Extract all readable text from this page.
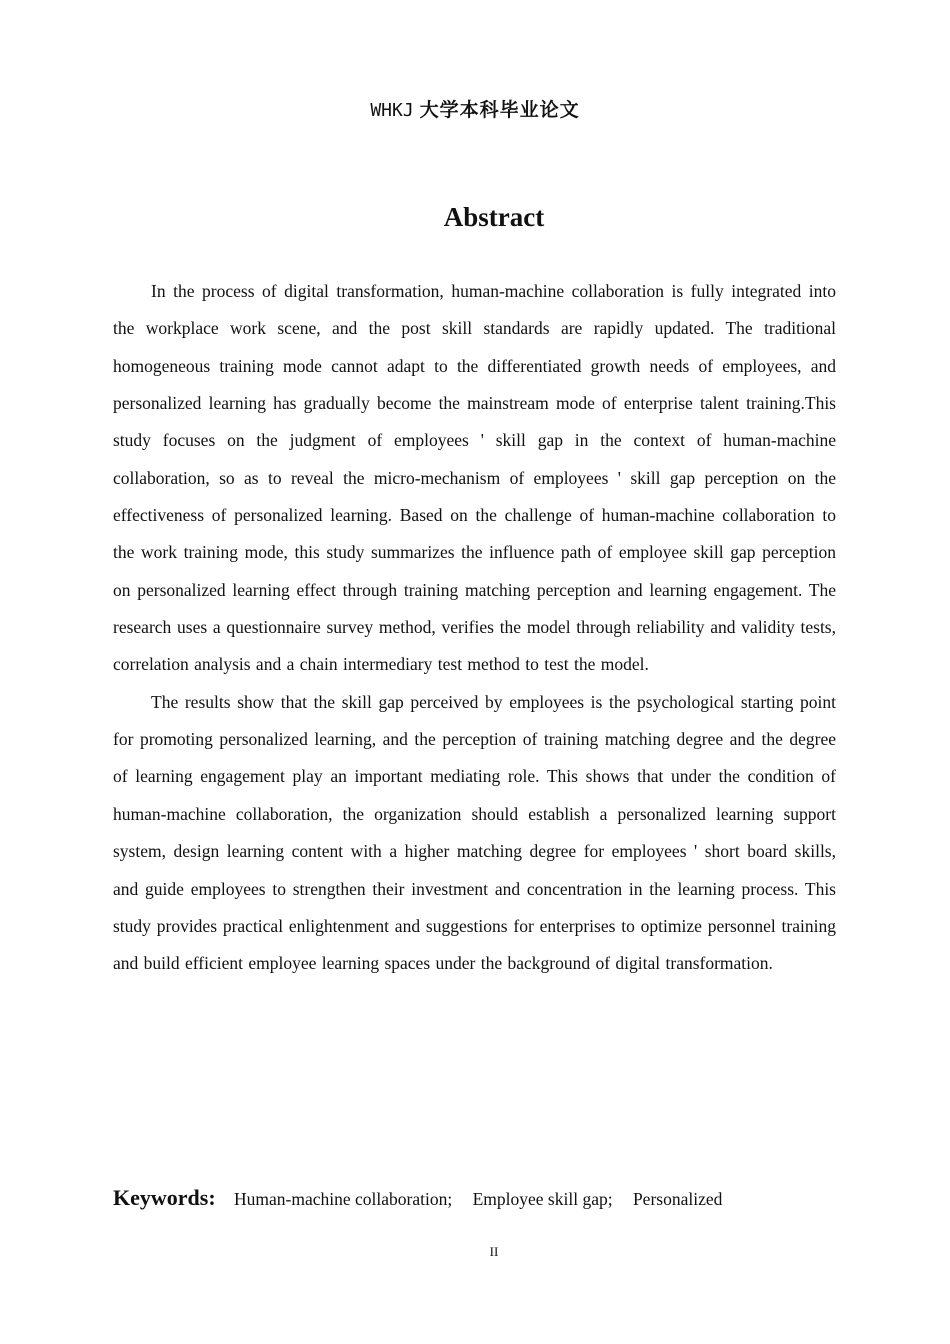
WHKJ 大学本科毕业论文
Abstract

In the process of digital transformation, human-machine collaboration is fully integrated into the workplace work scene, and the post skill standards are rapidly updated. The traditional homogeneous training mode cannot adapt to the differentiated growth needs of employees, and personalized learning has gradually become the mainstream mode of enterprise talent training.This study focuses on the judgment of employees ' skill gap in the context of human-machine collaboration, so as to reveal the micro-mechanism of employees ' skill gap perception on the effectiveness of personalized learning. Based on the challenge of human-machine collaboration to the work training mode, this study summarizes the influence path of employee skill gap perception on personalized learning effect through training matching perception and learning engagement. The research uses a questionnaire survey method, verifies the model through reliability and validity tests, correlation analysis and a chain intermediary test method to test the model.

The results show that the skill gap perceived by employees is the psychological starting point for promoting personalized learning, and the perception of training matching degree and the degree of learning engagement play an important mediating role. This shows that under the condition of human-machine collaboration, the organization should establish a personalized learning support system, design learning content with a higher matching degree for employees ' short board skills, and guide employees to strengthen their investment and concentration in the learning process. This study provides practical enlightenment and suggestions for enterprises to optimize personnel training and build efficient employee learning spaces under the background of digital transformation.

Keywords: Human-machine collaboration; Employee skill gap; Personalized
II
